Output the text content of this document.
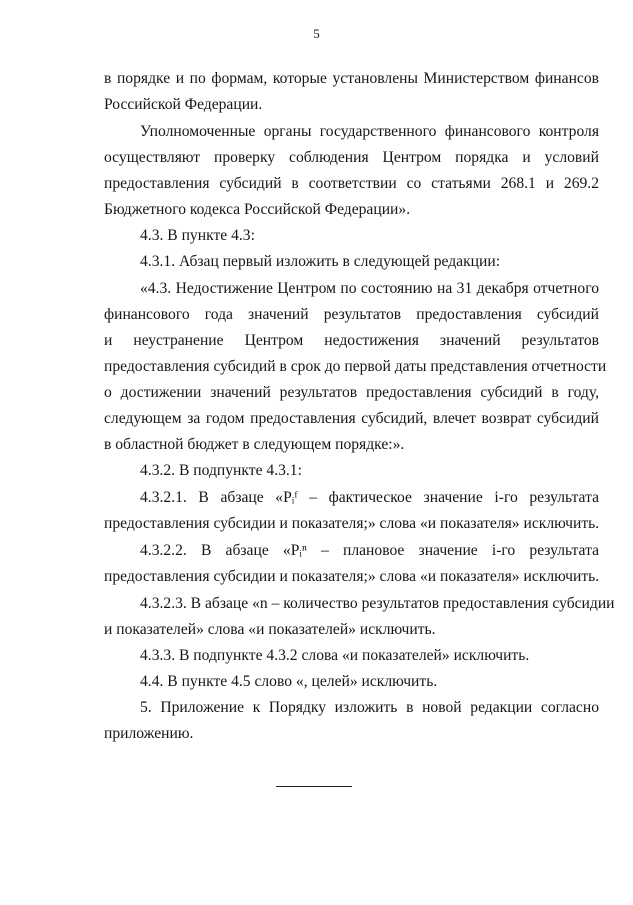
5
в порядке и по формам, которые установлены Министерством финансов
Российской Федерации.
Уполномоченные органы государственного финансового контроля
осуществляют проверку соблюдения Центром порядка и условий
предоставления субсидий в соответствии со статьями 268.1 и 269.2
Бюджетного кодекса Российской Федерации».
4.3. В пункте 4.3:
4.3.1. Абзац первый изложить в следующей редакции:
«4.3. Недостижение Центром по состоянию на 31 декабря отчетного
финансового года значений результатов предоставления субсидий
и неустранение Центром недостижения значений результатов
предоставления субсидий в срок до первой даты представления отчетности
о достижении значений результатов предоставления субсидий в году,
следующем за годом предоставления субсидий, влечет возврат субсидий
в областной бюджет в следующем порядке:».
4.3.2. В подпункте 4.3.1:
4.3.2.1. В абзаце «Pᵢᶠ – фактическое значение i-го результата
предоставления субсидии и показателя;» слова «и показателя» исключить.
4.3.2.2. В абзаце «Pᵢⁿ – плановое значение i-го результата
предоставления субсидии и показателя;» слова «и показателя» исключить.
4.3.2.3. В абзаце «n – количество результатов предоставления субсидии
и показателей» слова «и показателей» исключить.
4.3.3. В подпункте 4.3.2 слова «и показателей» исключить.
4.4. В пункте 4.5 слово «, целей» исключить.
5. Приложение к Порядку изложить в новой редакции согласно
приложению.
